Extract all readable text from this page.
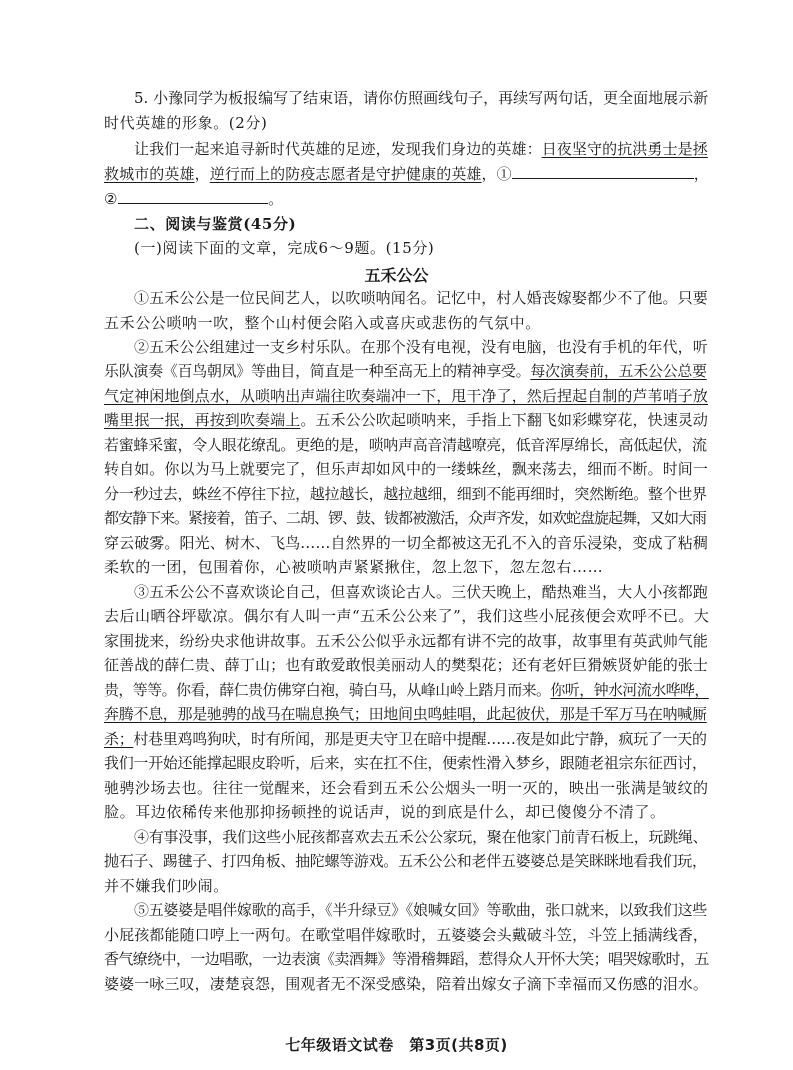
5. 小豫同学为板报编写了结束语，请你仿照画线句子，再续写两句话，更全面地展示新
时代英雄的形象。(2分)
让我们一起来追寻新时代英雄的足迹，发现我们身边的英雄：日夜坚守的抗洪勇士是拯
救城市的英雄，逆行而上的防疫志愿者是守护健康的英雄，①	，
②	。
二、阅读与鉴赏(45分)
(一)阅读下面的文章，完成6～9题。(15分)
五禾公公
①五禾公公是一位民间艺人，以吹唢呐闻名。记忆中，村人婚丧嫁娶都少不了他。只要
五禾公公唢呐一吹，整个山村便会陷入或喜庆或悲伤的气氛中。
②五禾公公组建过一支乡村乐队。在那个没有电视，没有电脑，也没有手机的年代，听
乐队演奏《百鸟朝凤》等曲目，简直是一种至高无上的精神享受。每次演奏前，五禾公公总要
气定神闲地倒点水，从唢呐出声端往吹奏端冲一下，甩干净了，然后捏起自制的芦苇哨子放
嘴里抿一抿，再按到吹奏端上。五禾公公吹起唢呐来，手指上下翻飞如彩蝶穿花，快速灵动
若蜜蜂采蜜，令人眼花缭乱。更绝的是，唢呐声高音清越嘹亮，低音浑厚绵长，高低起伏，流
转自如。你以为马上就要完了，但乐声却如风中的一缕蛛丝，飘来荡去，细而不断。时间一
分一秒过去，蛛丝不停往下拉，越拉越长，越拉越细，细到不能再细时，突然断绝。整个世界
都安静下来。紧接着，笛子、二胡、锣、鼓、钹都被激活，众声齐发，如欢蛇盘旋起舞，又如大雨
穿云破雾。阳光、树木、飞鸟……自然界的一切全都被这无孔不入的音乐浸染，变成了粘稠
柔软的一团，包围着你，心被唢呐声紧紧揪住，忽上忽下，忽左忽右……
③五禾公公不喜欢谈论自己，但喜欢谈论古人。三伏天晚上，酷热难当，大人小孩都跑
去后山晒谷坪歇凉。偶尔有人叫一声“五禾公公来了”，我们这些小屁孩便会欢呼不已。大
家围拢来，纷纷央求他讲故事。五禾公公似乎永远都有讲不完的故事，故事里有英武帅气能
征善战的薛仁贵、薛丁山；也有敢爱敢恨美丽动人的樊梨花；还有老奸巨猾嫉贤妒能的张士
贵，等等。你看，薛仁贵仿佛穿白袍，骑白马，从峰山岭上踏月而来。你听，钟水河流水哗哗，
奔腾不息，那是驰骋的战马在喘息换气；田地间虫鸣蛙唱，此起彼伏，那是千军万马在呐喊厮
杀；村巷里鸡鸣狗吠，时有所闻，那是更夫守卫在暗中提醒……夜是如此宁静，疯玩了一天的
我们一开始还能撑起眼皮聆听，后来，实在扛不住，便索性滑入梦乡，跟随老祖宗东征西讨，
驰骋沙场去也。往往一觉醒来，还会看到五禾公公烟头一明一灭的，映出一张满是皱纹的
脸。耳边依稀传来他那抑扬顿挫的说话声，说的到底是什么，却已傻傻分不清了。
④有事没事，我们这些小屁孩都喜欢去五禾公公家玩，聚在他家门前青石板上，玩跳绳、
抛石子、踢毽子、打四角板、抽陀螺等游戏。五禾公公和老伴五婆婆总是笑眯眯地看我们玩，
并不嫌我们吵闹。
⑤五婆婆是唱伴嫁歌的高手，《半升绿豆》《娘喊女回》等歌曲，张口就来，以致我们这些
小屁孩都能随口哼上一两句。在歌堂唱伴嫁歌时，五婆婆会头戴破斗笠，斗笠上插满线香，
香气缭绕中，一边唱歌，一边表演《卖酒舞》等滑稽舞蹈，惹得众人开怀大笑；唱哭嫁歌时，五
婆婆一咏三叹，凄楚哀怨，围观者无不深受感染，陪着出嫁女子滴下幸福而又伤感的泪水。
七年级语文试卷　第3页(共8页)
